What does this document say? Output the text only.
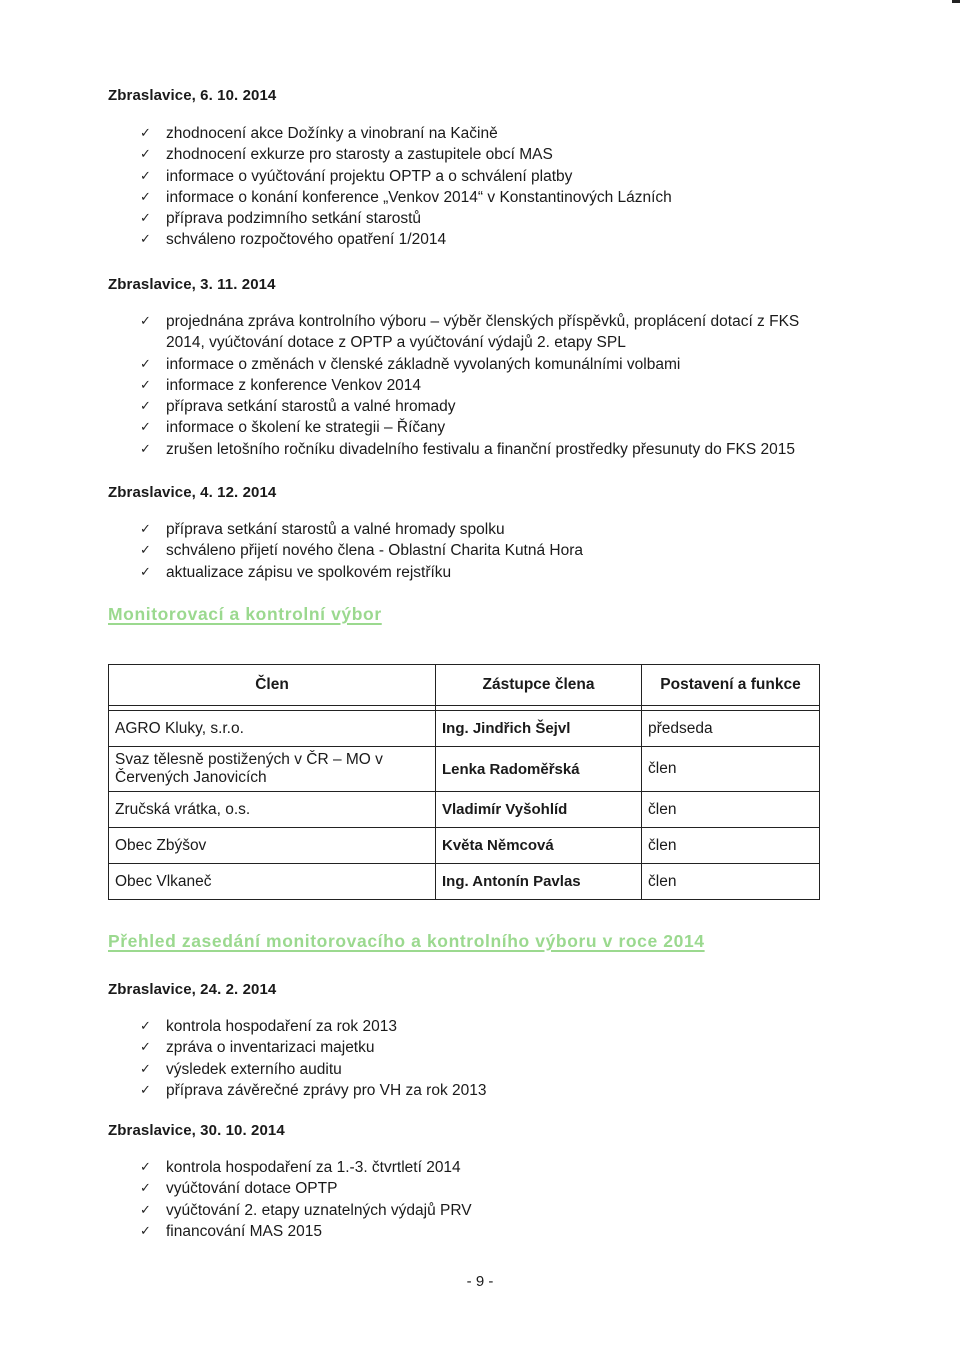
Zbraslavice, 6. 10. 2014
✓ zhodnocení akce Dožínky a vinobraní na Kačině
✓ zhodnocení exkurze pro starosty a zastupitele obcí MAS
✓ informace o vyúčtování projektu OPTP a o schválení platby
✓ informace o konání konference „Venkov 2014“ v Konstantinových Lázních
✓ příprava podzimního setkání starostů
✓ schváleno rozpočtového opatření 1/2014
Zbraslavice, 3. 11. 2014
✓ projednána zpráva kontrolního výboru – výběr členských příspěvků, proplácení dotací z FKS 2014, vyúčtování dotace z OPTP a vyúčtování výdajů 2. etapy SPL
✓ informace o změnách v členské základně vyvolaných komunálními volbami
✓ informace z konference Venkov 2014
✓ příprava setkání starostů a valné hromady
✓ informace o školení ke strategii – Říčany
✓ zrušen letošního ročníku divadelního festivalu a finanční prostředky přesunuty do FKS 2015
Zbraslavice, 4. 12. 2014
✓ příprava setkání starostů a valné hromady spolku
✓ schváleno přijetí nového člena - Oblastní Charita Kutná Hora
✓ aktualizace zápisu ve spolkovém rejstříku
Monitorovací a kontrolní výbor
Člen	Zástupce člena	Postavení a funkce

AGRO Kluky, s.r.o.	Ing. Jindřich Šejvl	předseda
Svaz tělesně postižených v ČR – MO v Červených Janovicích	Lenka Radoměřská	člen
Zručská vrátka, o.s.	Vladimír Vyšohlíd	člen
Obec Zbýšov	Květa Němcová	člen
Obec Vlkaneč	Ing. Antonín Pavlas	člen
Přehled zasedání monitorovacího a kontrolního výboru v roce 2014
Zbraslavice, 24. 2. 2014
✓ kontrola hospodaření za rok 2013
✓ zpráva o inventarizaci majetku
✓ výsledek externího auditu
✓ příprava závěrečné zprávy pro VH za rok 2013
Zbraslavice, 30. 10. 2014
✓ kontrola hospodaření za 1.-3. čtvrtletí 2014
✓ vyúčtování dotace OPTP
✓ vyúčtování 2. etapy uznatelných výdajů PRV
✓ financování MAS 2015

- 9 -
